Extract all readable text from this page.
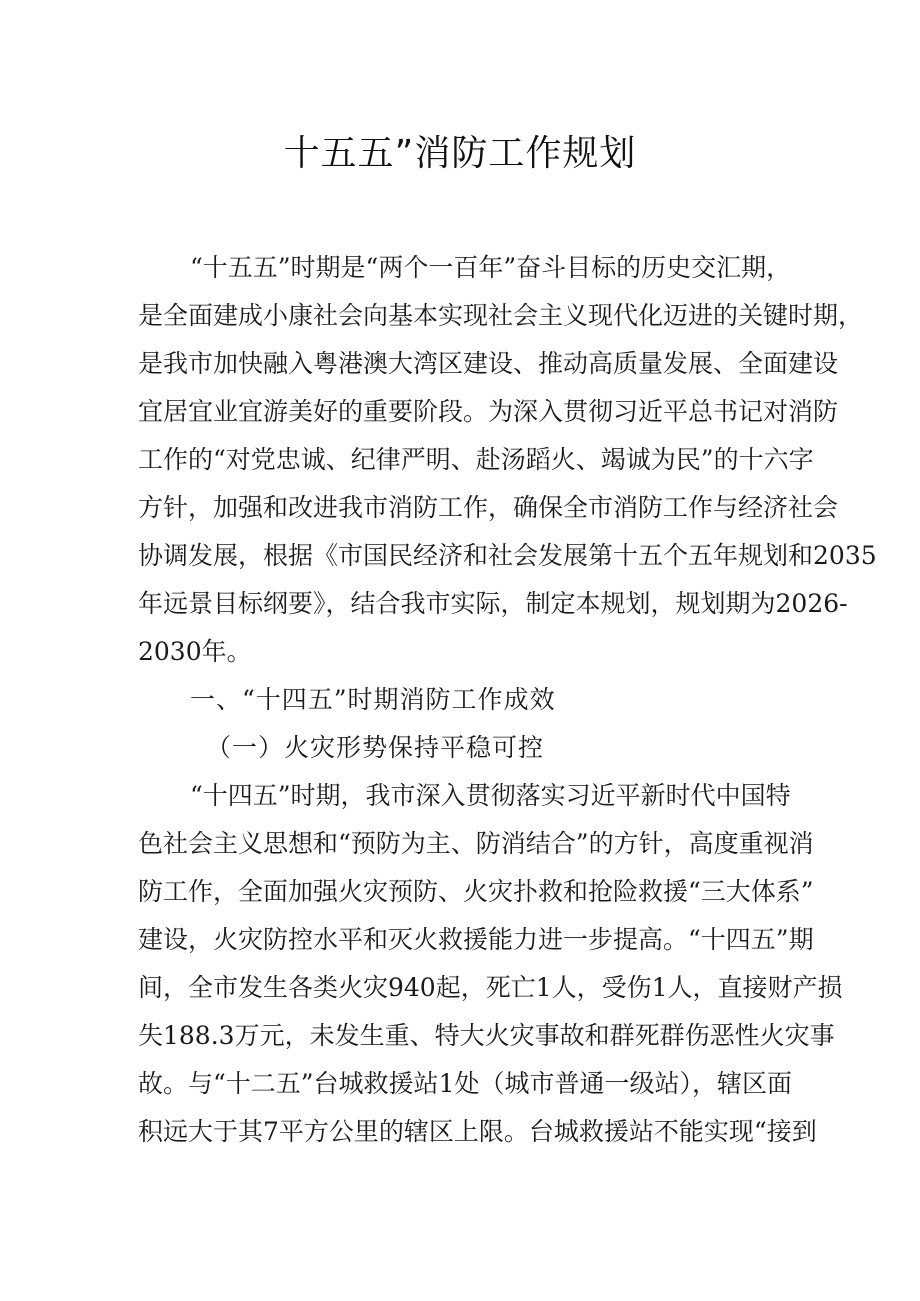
十五五”消防工作规划

“十五五”时期是“两个一百年”奋斗目标的历史交汇期，

是全面建成小康社会向基本实现社会主义现代化迈进的关键时期，

是我市加快融入粤港澳大湾区建设、推动高质量发展、全面建设

宜居宜业宜游美好的重要阶段。为深入贯彻习近平总书记对消防

工作的“对党忠诚、纪律严明、赴汤蹈火、竭诚为民”的十六字

方针，加强和改进我市消防工作，确保全市消防工作与经济社会

协调发展，根据《市国民经济和社会发展第十五个五年规划和2035

年远景目标纲要》，结合我市实际，制定本规划，规划期为2026-

2030年。

一、“十四五”时期消防工作成效

（一）火灾形势保持平稳可控

“十四五”时期，我市深入贯彻落实习近平新时代中国特

色社会主义思想和“预防为主、防消结合”的方针，高度重视消

防工作，全面加强火灾预防、火灾扑救和抢险救援“三大体系”

建设，火灾防控水平和灭火救援能力进一步提高。“十四五”期

间，全市发生各类火灾940起，死亡1人，受伤1人，直接财产损

失188.3万元，未发生重、特大火灾事故和群死群伤恶性火灾事

故。与“十二五”台城救援站1处（城市普通一级站），辖区面

积远大于其7平方公里的辖区上限。台城救援站不能实现“接到
